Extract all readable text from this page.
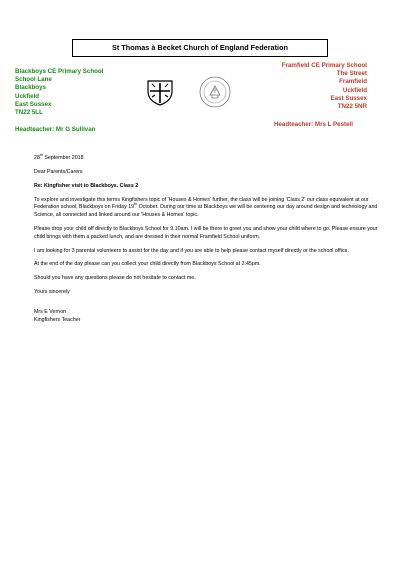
St Thomas à Becket Church of England Federation
Blackboys CE Primary School
School Lane
Blackboys
Uckfield
East Sussex
TN22 5LL
Headteacher: Mr G Sullivan
Framfield CE Primary School
The Street
Framfield
Uckfield
East Sussex
TN22 5NR
Headteacher: Mrs L Pestell

28th September 2018

Dear Parents/Carers

Re: Kingfisher visit to Blackboys. Class 2

To explore and investigate this terms Kingfishers topic of 'Houses & Homes' further, the class will be joining 'Class 2' our class equivalent at our Federation school, Blackboys on Friday 19th October. During our time at Blackboys we will be centering our day around design and technology and Science, all connected and linked around our 'Houses & Homes' topic.

Please drop your child off directly to Blackboys School for 9.10am. I will be there to greet you and show your child where to go. Please ensure your child brings with them a packed lunch, and are dressed in their normal Framfield School uniform.

I am looking for 3 parental volunteers to assist for the day and if you are able to help please contact myself directly or the school office.

At the end of the day please can you collect your child directly from Blackboys School at 2:45pm.

Should you have any questions please do not hesitate to contact me.

Yours sincerely

Mrs E Vernon
Kingfishers Teacher
